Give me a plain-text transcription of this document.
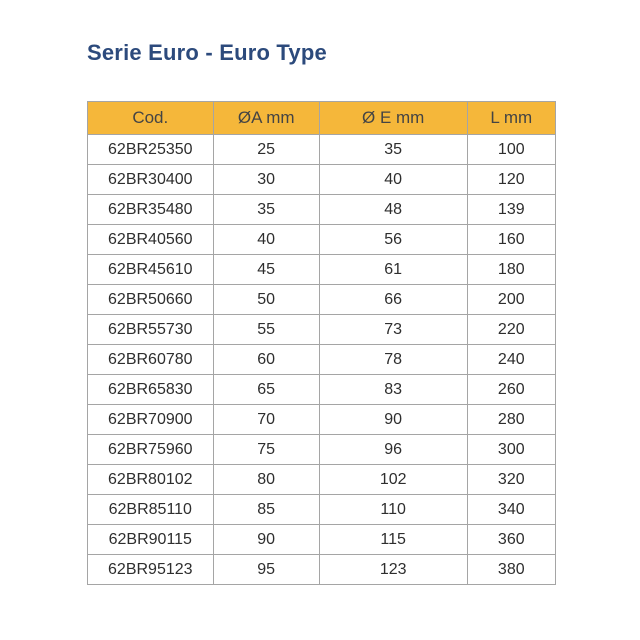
Serie Euro - Euro Type
Cod.	ØA mm	Ø E mm	L mm
62BR25350	25	35	100
62BR30400	30	40	120
62BR35480	35	48	139
62BR40560	40	56	160
62BR45610	45	61	180
62BR50660	50	66	200
62BR55730	55	73	220
62BR60780	60	78	240
62BR65830	65	83	260
62BR70900	70	90	280
62BR75960	75	96	300
62BR80102	80	102	320
62BR85110	85	110	340
62BR90115	90	115	360
62BR95123	95	123	380
